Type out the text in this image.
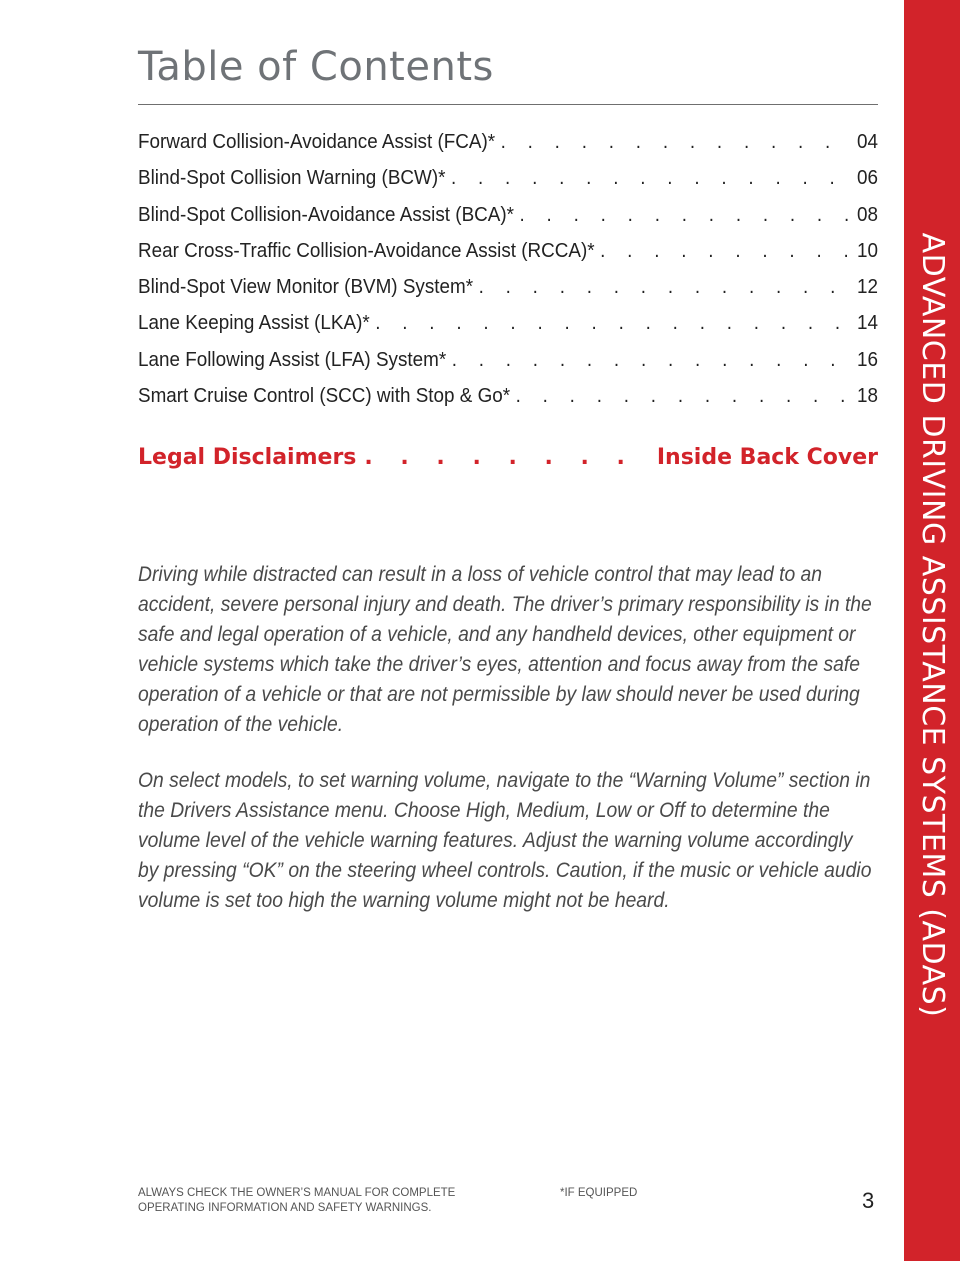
Table of Contents
Forward Collision-Avoidance Assist (FCA)* . . .	04
Blind-Spot Collision Warning (BCW)* . . .	06
Blind-Spot Collision-Avoidance Assist (BCA)* . . .	08
Rear Cross-Traffic Collision-Avoidance Assist (RCCA)* . . .	10
Blind-Spot View Monitor (BVM) System* . . .	12
Lane Keeping Assist (LKA)* . . .	14
Lane Following Assist (LFA) System* . . .	16
Smart Cruise Control (SCC) with Stop & Go* . . .	18
Legal Disclaimers . . .	Inside Back Cover

Driving while distracted can result in a loss of vehicle control that may lead to an accident, severe personal injury and death. The driver’s primary responsibility is in the safe and legal operation of a vehicle, and any handheld devices, other equipment or vehicle systems which take the driver’s eyes, attention and focus away from the safe operation of a vehicle or that are not permissible by law should never be used during operation of the vehicle.

On select models, to set warning volume, navigate to the “Warning Volume” section in the Drivers Assistance menu. Choose High, Medium, Low or Off to determine the volume level of the vehicle warning features. Adjust the warning volume accordingly by pressing “OK” on the steering wheel controls. Caution, if the music or vehicle audio volume is set too high the warning volume might not be heard.

ALWAYS CHECK THE OWNER’S MANUAL FOR COMPLETE OPERATING INFORMATION AND SAFETY WARNINGS.

*IF EQUIPPED	3
ADVANCED DRIVING ASSISTANCE SYSTEMS (ADAS)
